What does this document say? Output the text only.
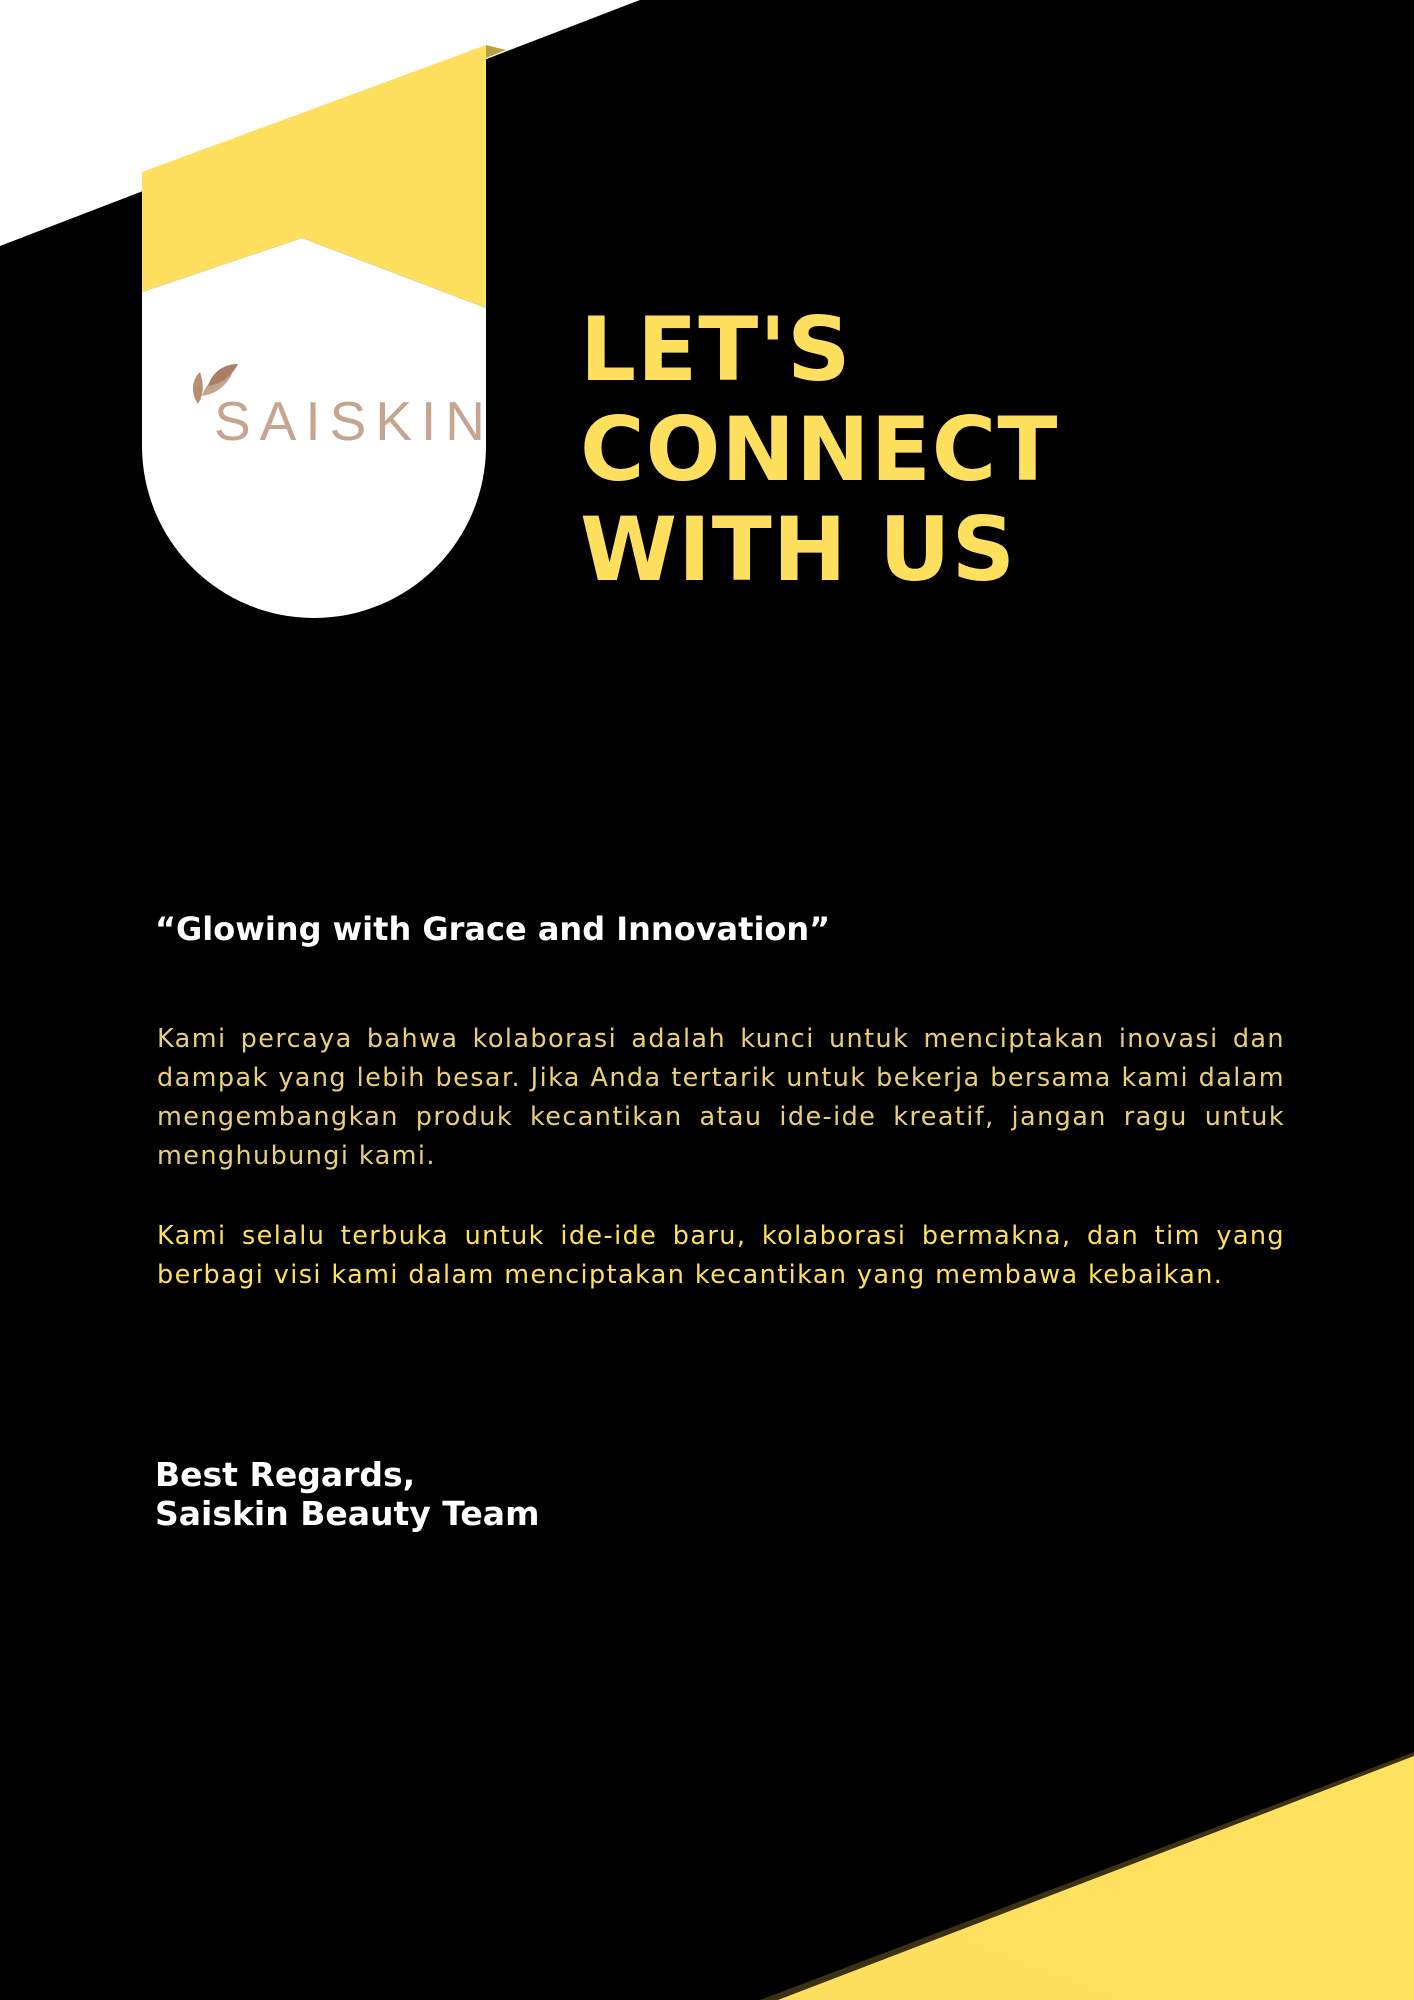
SAISKIN
LET'S
CONNECT
WITH US

“Glowing with Grace and Innovation”

Kami percaya bahwa kolaborasi adalah kunci untuk menciptakan inovasi dan dampak yang lebih besar. Jika Anda tertarik untuk bekerja bersama kami dalam mengembangkan produk kecantikan atau ide-ide kreatif, jangan ragu untuk menghubungi kami.

Kami selalu terbuka untuk ide-ide baru, kolaborasi bermakna, dan tim yang berbagi visi kami dalam menciptakan kecantikan yang membawa kebaikan.

Best Regards,
Saiskin Beauty Team
